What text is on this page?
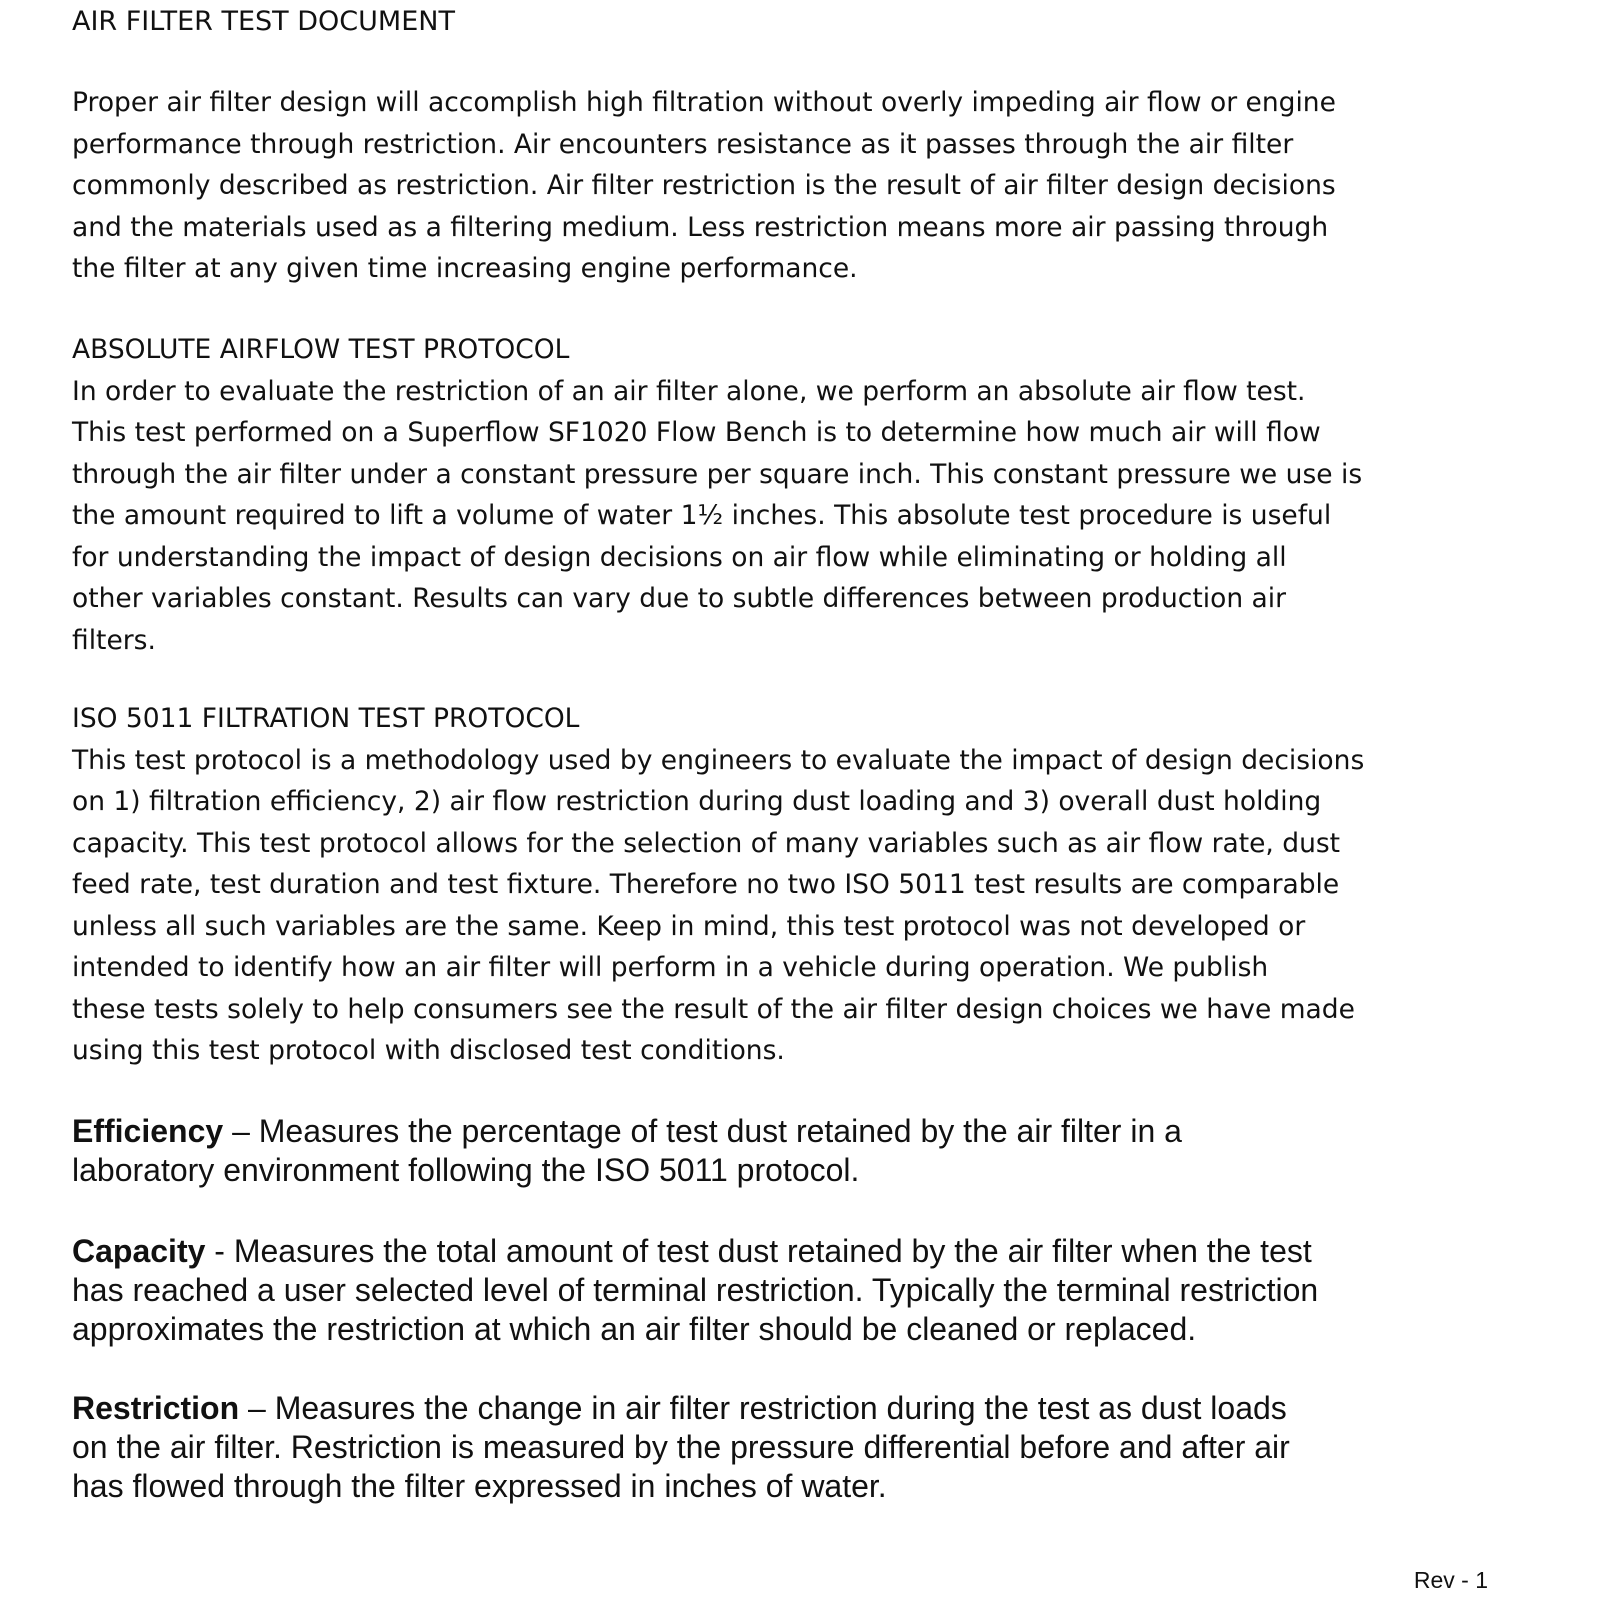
AIR FILTER TEST DOCUMENT

Proper air filter design will accomplish high filtration without overly impeding air flow or engine
performance through restriction. Air encounters resistance as it passes through the air filter
commonly described as restriction. Air filter restriction is the result of air filter design decisions
and the materials used as a filtering medium. Less restriction means more air passing through
the filter at any given time increasing engine performance.

ABSOLUTE AIRFLOW TEST PROTOCOL
In order to evaluate the restriction of an air filter alone, we perform an absolute air flow test.
This test performed on a Superflow SF1020 Flow Bench is to determine how much air will flow
through the air filter under a constant pressure per square inch. This constant pressure we use is
the amount required to lift a volume of water 1½ inches. This absolute test procedure is useful
for understanding the impact of design decisions on air flow while eliminating or holding all
other variables constant. Results can vary due to subtle differences between production air
filters.
ISO 5011 FILTRATION TEST PROTOCOL
This test protocol is a methodology used by engineers to evaluate the impact of design decisions
on 1) filtration efficiency, 2) air flow restriction during dust loading and 3) overall dust holding
capacity. This test protocol allows for the selection of many variables such as air flow rate, dust
feed rate, test duration and test fixture. Therefore no two ISO 5011 test results are comparable
unless all such variables are the same. Keep in mind, this test protocol was not developed or
intended to identify how an air filter will perform in a vehicle during operation. We publish
these tests solely to help consumers see the result of the air filter design choices we have made
using this test protocol with disclosed test conditions.

Efficiency – Measures the percentage of test dust retained by the air filter in a
laboratory environment following the ISO 5011 protocol.

Capacity - Measures the total amount of test dust retained by the air filter when the test
has reached a user selected level of terminal restriction. Typically the terminal restriction
approximates the restriction at which an air filter should be cleaned or replaced.

Restriction – Measures the change in air filter restriction during the test as dust loads
on the air filter. Restriction is measured by the pressure differential before and after air
has flowed through the filter expressed in inches of water.

Rev - 1
